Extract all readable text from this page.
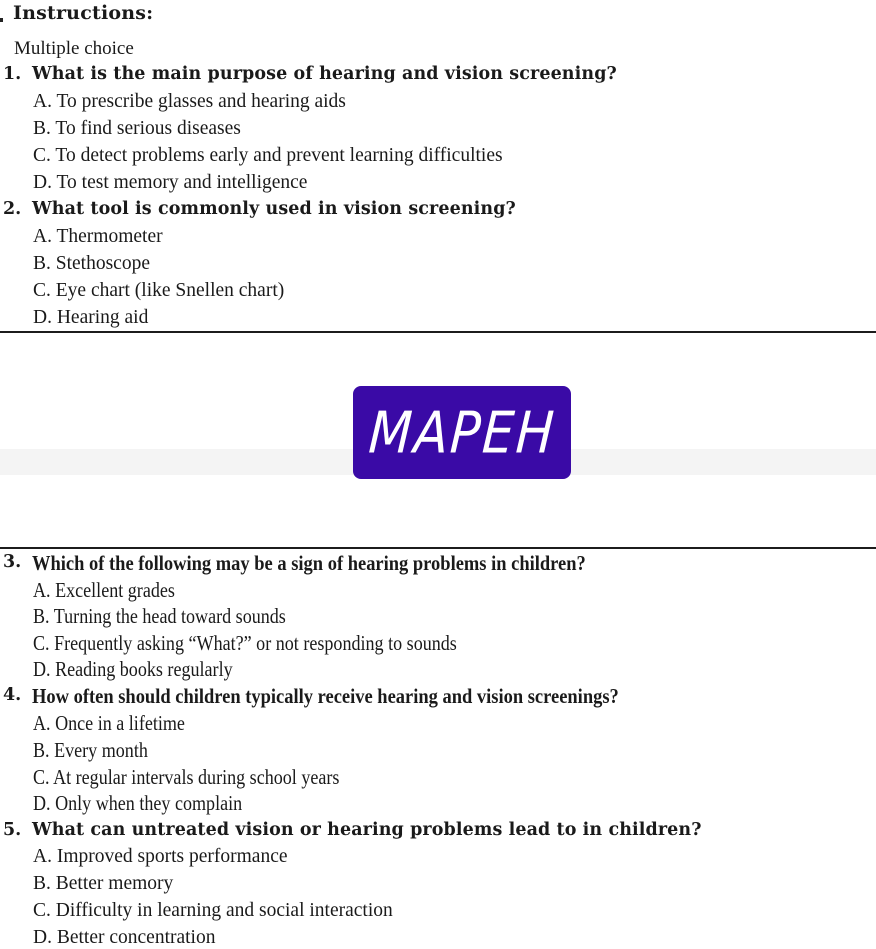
Instructions:
Multiple choice
1. What is the main purpose of hearing and vision screening?
A. To prescribe glasses and hearing aids
B. To find serious diseases
C. To detect problems early and prevent learning difficulties
D. To test memory and intelligence
2. What tool is commonly used in vision screening?
A. Thermometer
B. Stethoscope
C. Eye chart (like Snellen chart)
D. Hearing aid
MAPEH
3. Which of the following may be a sign of hearing problems in children?
A. Excellent grades
B. Turning the head toward sounds
C. Frequently asking “What?” or not responding to sounds
D. Reading books regularly
4. How often should children typically receive hearing and vision screenings?
A. Once in a lifetime
B. Every month
C. At regular intervals during school years
D. Only when they complain
5. What can untreated vision or hearing problems lead to in children?
A. Improved sports performance
B. Better memory
C. Difficulty in learning and social interaction
D. Better concentration
